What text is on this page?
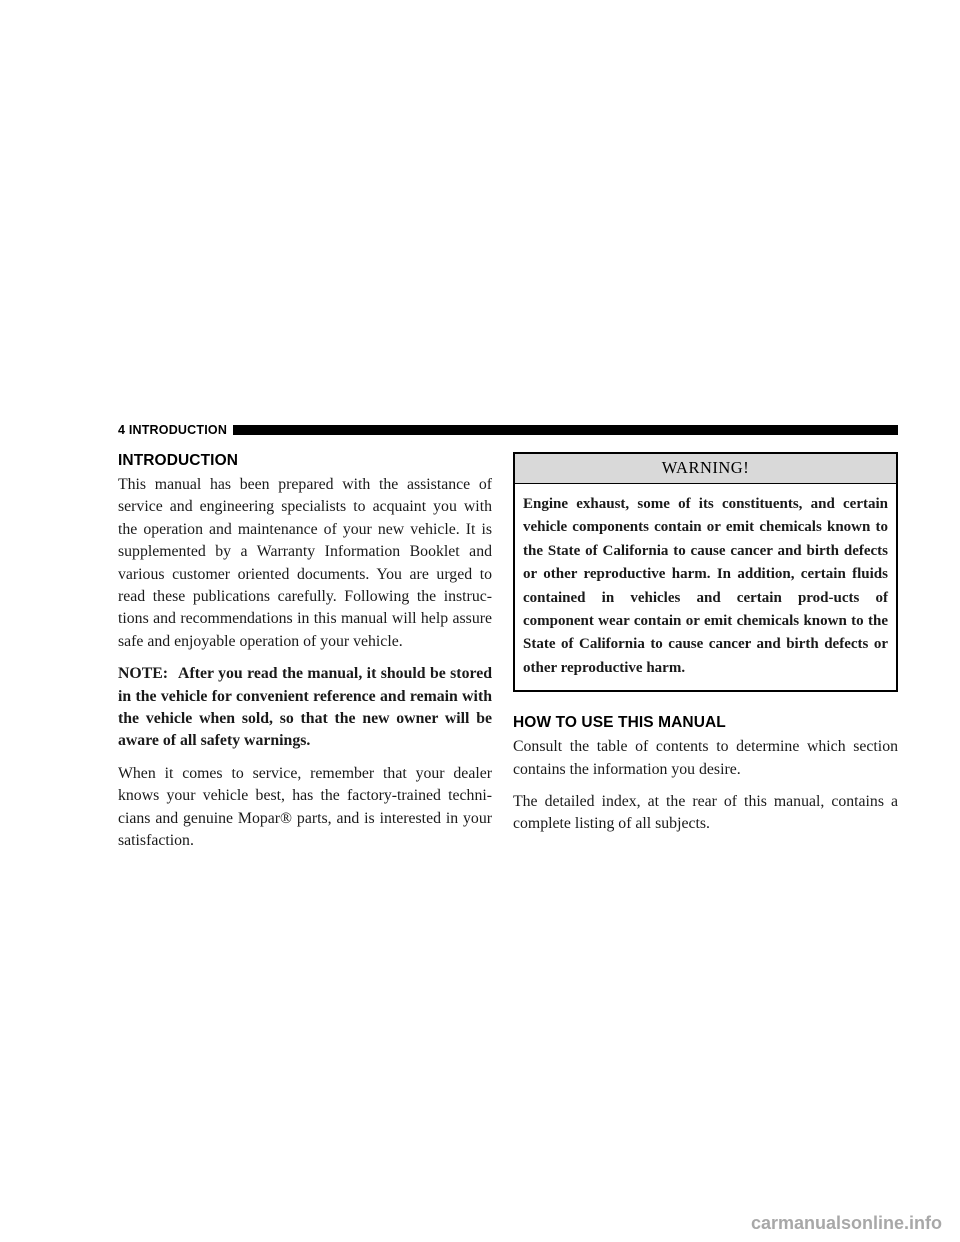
4 INTRODUCTION
INTRODUCTION

This manual has been prepared with the assistance of service and engineering specialists to acquaint you with the operation and maintenance of your new vehicle. It is supplemented by a Warranty Information Booklet and various customer oriented documents. You are urged to read these publications carefully. Following the instruc-tions and recommendations in this manual will help assure safe and enjoyable operation of your vehicle.

NOTE: After you read the manual, it should be stored in the vehicle for convenient reference and remain with the vehicle when sold, so that the new owner will be aware of all safety warnings.

When it comes to service, remember that your dealer knows your vehicle best, has the factory-trained techni-cians and genuine Mopar® parts, and is interested in your satisfaction.

WARNING!

Engine exhaust, some of its constituents, and certain vehicle components contain or emit chemicals known to the State of California to cause cancer and birth defects or other reproductive harm. In addition, certain fluids contained in vehicles and certain prod-ucts of component wear contain or emit chemicals known to the State of California to cause cancer and birth defects or other reproductive harm.

HOW TO USE THIS MANUAL

Consult the table of contents to determine which section contains the information you desire.

The detailed index, at the rear of this manual, contains a complete listing of all subjects.

carmanualsonline.info
